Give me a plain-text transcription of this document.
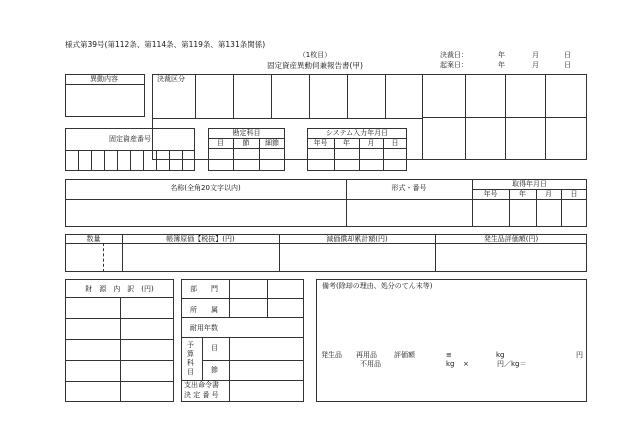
様式第39号(第112条、第114条、第119条、第131条関係)
（1枚目）
固定資産異動伺兼報告書(甲)
決裁日：	年	月	日
起案日：	年	月	日
異動内容	決裁区分
固定資産番号
勘定科目
目	節	細節
システム入力年月日
年号	年	月	日
名称(全角20文字以内)	形式・番号	取得年月日
年号	年	月	日
数量	帳簿原価【税抜】(円)	減価償却累計額(円)	発生品評価額(円)
財　源　内　訳　(円)	部　　門
所　　属
耐用年数
予算科目
目
節
支出命令書
決 定 番 号
備考(除却の理由、処分のてん末等)
発生品 再用品 評価額	≡	kg	円
不用品	kg ×	円／kg＝
